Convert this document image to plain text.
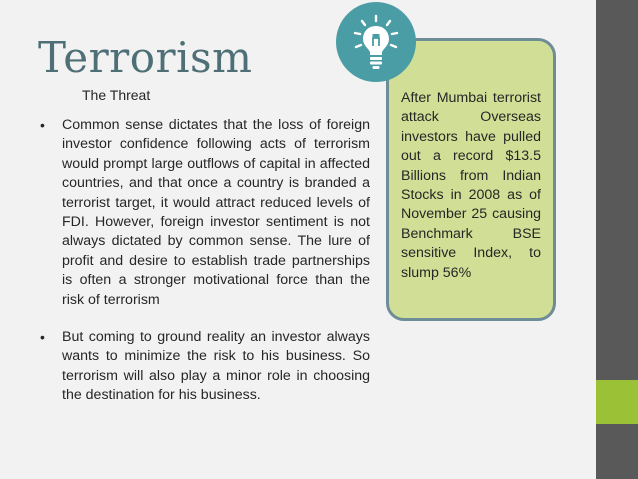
Terrorism
The Threat
• Common sense dictates that the loss of foreign investor confidence following acts of terrorism would prompt large outflows of capital in affected countries, and that once a country is branded a terrorist target, it would attract reduced levels of FDI. However, foreign investor sentiment is not always dictated by common sense. The lure of profit and desire to establish trade partnerships is often a stronger motivational force than the risk of terrorism
• But coming to ground reality an investor always wants to minimize the risk to his business. So terrorism will also play a minor role in choosing the destination for his business.

After Mumbai terrorist attack Overseas investors have pulled out a record $13.5 Billions from Indian Stocks in 2008 as of November 25 causing Benchmark BSE sensitive Index, to slump 56%
